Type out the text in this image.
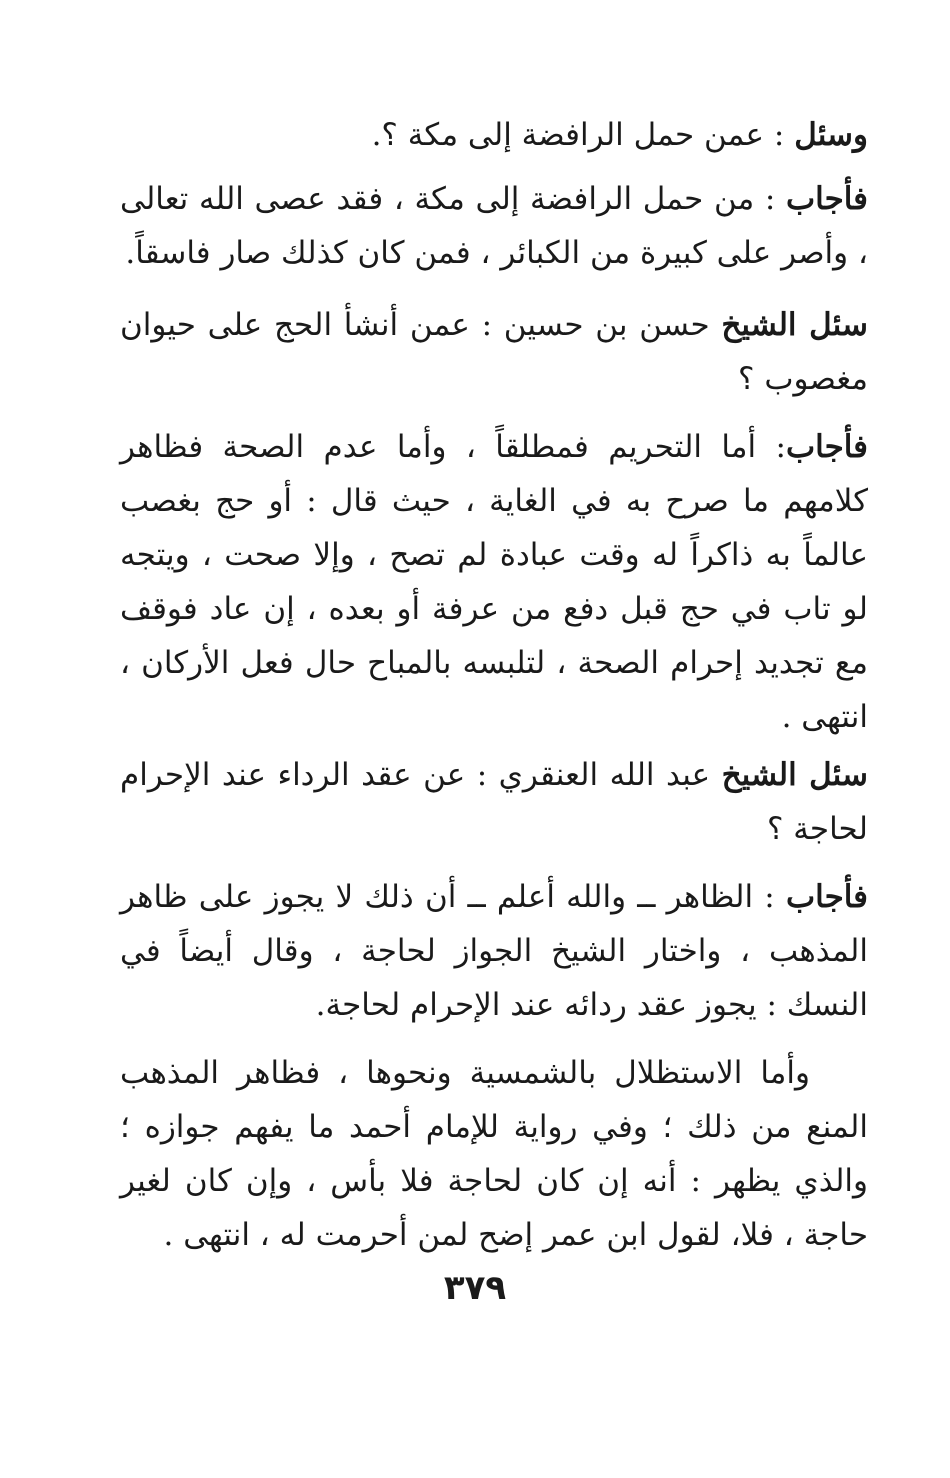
وسئل : عمن حمل الرافضة إلى مكة ؟.

فأجاب : من حمل الرافضة إلى مكة ، فقد عصى الله تعالى ، وأصر على كبيرة من الكبائر ، فمن كان كذلك صار فاسقاً.

سئل الشيخ حسن بن حسين : عمن أنشأ الحج على حيوان مغصوب ؟

فأجاب: أما التحريم فمطلقاً ، وأما عدم الصحة فظاهر كلامهم ما صرح به في الغاية ، حيث قال : أو حج بغصب عالماً به ذاكراً له وقت عبادة لم تصح ، وإلا صحت ، ويتجه لو تاب في حج قبل دفع من عرفة أو بعده ، إن عاد فوقف مع تجديد إحرام الصحة ، لتلبسه بالمباح حال فعل الأركان ، انتهى .

سئل الشيخ عبد الله العنقري : عن عقد الرداء عند الإحرام لحاجة ؟

فأجاب : الظاهر ــ والله أعلم ــ أن ذلك لا يجوز على ظاهر المذهب ، واختار الشيخ الجواز لحاجة ، وقال أيضاً في النسك : يجوز عقد ردائه عند الإحرام لحاجة.

وأما الاستظلال بالشمسية ونحوها ، فظاهر المذهب المنع من ذلك ؛ وفي رواية للإمام أحمد ما يفهم جوازه ؛ والذي يظهر : أنه إن كان لحاجة فلا بأس ، وإن كان لغير حاجة ، فلا، لقول ابن عمر إضح لمن أحرمت له ، انتهى .

٣٧٩
